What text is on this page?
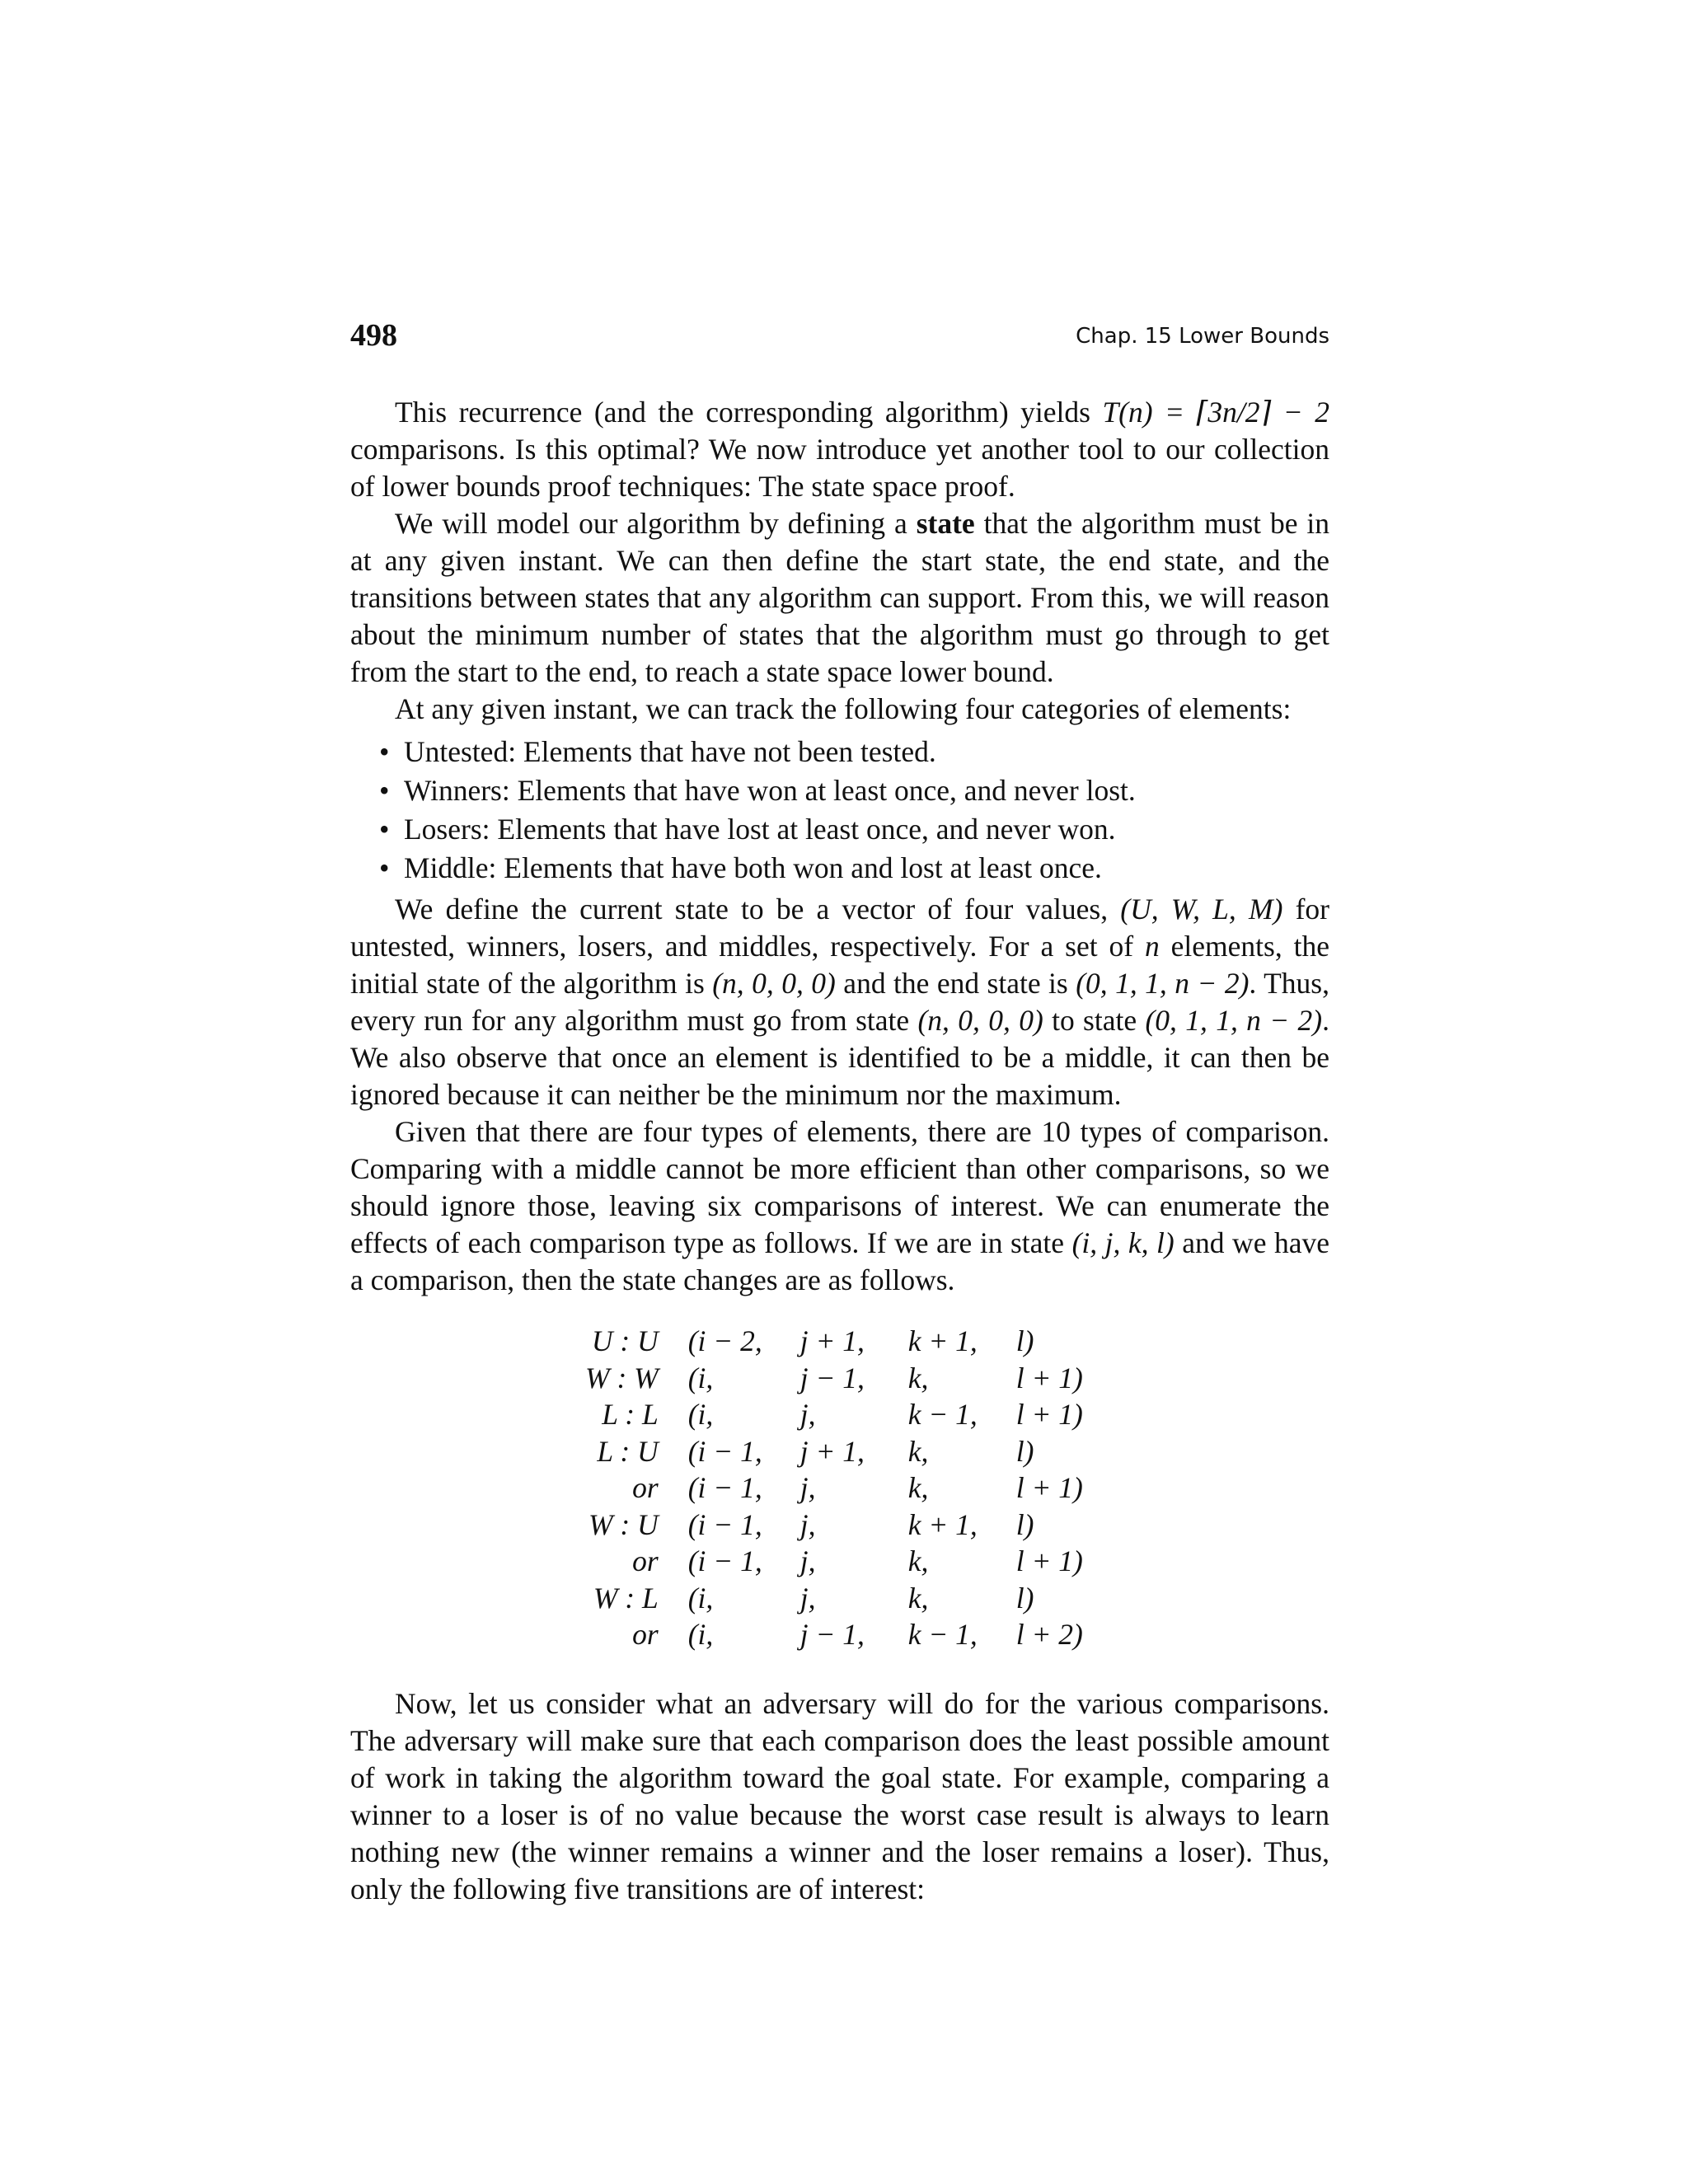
498	Chap. 15 Lower Bounds

This recurrence (and the corresponding algorithm) yields T(n) = ⌈3n/2⌉ − 2 comparisons. Is this optimal? We now introduce yet another tool to our collection of lower bounds proof techniques: The state space proof.

We will model our algorithm by defining a state that the algorithm must be in at any given instant. We can then define the start state, the end state, and the transitions between states that any algorithm can support. From this, we will reason about the minimum number of states that the algorithm must go through to get from the start to the end, to reach a state space lower bound.

At any given instant, we can track the following four categories of elements:

• Untested: Elements that have not been tested.
• Winners: Elements that have won at least once, and never lost.
• Losers: Elements that have lost at least once, and never won.
• Middle: Elements that have both won and lost at least once.

We define the current state to be a vector of four values, (U, W, L, M) for untested, winners, losers, and middles, respectively. For a set of n elements, the initial state of the algorithm is (n, 0, 0, 0) and the end state is (0, 1, 1, n − 2). Thus, every run for any algorithm must go from state (n, 0, 0, 0) to state (0, 1, 1, n − 2). We also observe that once an element is identified to be a middle, it can then be ignored because it can neither be the minimum nor the maximum.

Given that there are four types of elements, there are 10 types of comparison. Comparing with a middle cannot be more efficient than other comparisons, so we should ignore those, leaving six comparisons of interest. We can enumerate the effects of each comparison type as follows. If we are in state (i, j, k, l) and we have a comparison, then the state changes are as follows.

U : U	(i − 2,	j + 1,	k + 1,	l)
W : W	(i,	j − 1,	k,	l + 1)
L : L	(i,	j,	k − 1,	l + 1)
L : U	(i − 1,	j + 1,	k,	l)
or	(i − 1,	j,	k,	l + 1)
W : U	(i − 1,	j,	k + 1,	l)
or	(i − 1,	j,	k,	l + 1)
W : L	(i,	j,	k,	l)
or	(i,	j − 1,	k − 1,	l + 2)

Now, let us consider what an adversary will do for the various comparisons. The adversary will make sure that each comparison does the least possible amount of work in taking the algorithm toward the goal state. For example, comparing a winner to a loser is of no value because the worst case result is always to learn nothing new (the winner remains a winner and the loser remains a loser). Thus, only the following five transitions are of interest:
